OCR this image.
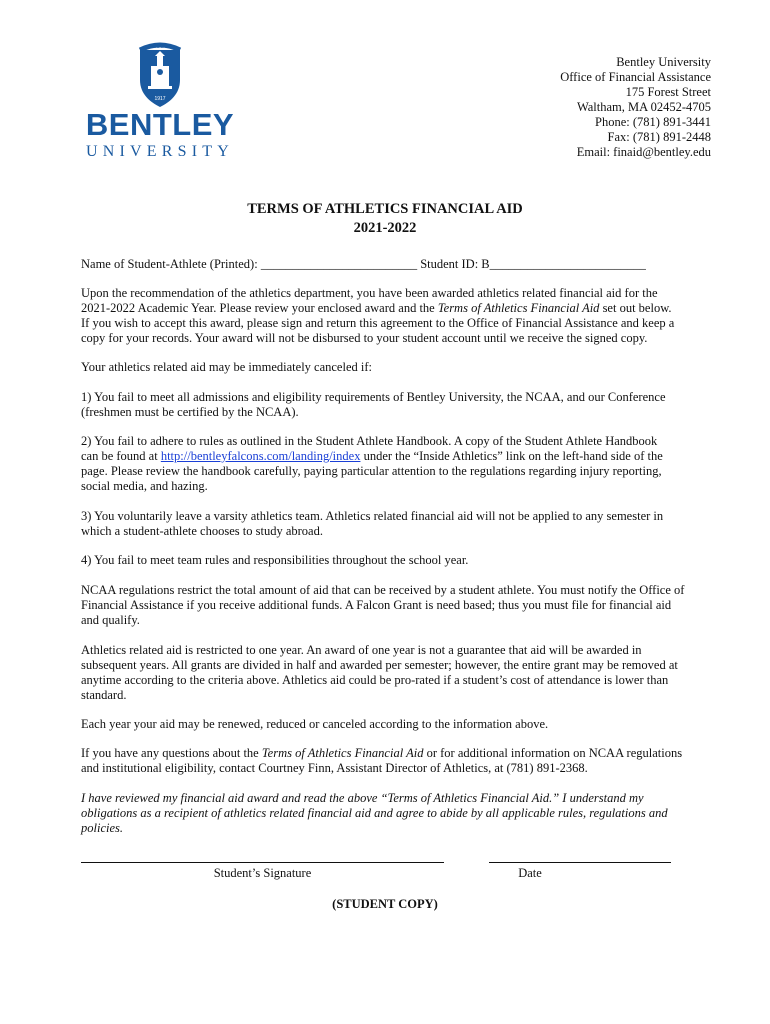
PARATUS
1917
BENTLEY
UNIVERSITY
Bentley University
Office of Financial Assistance
175 Forest Street
Waltham, MA 02452-4705
Phone: (781) 891-3441
Fax: (781) 891-2448
Email: finaid@bentley.edu
TERMS OF ATHLETICS FINANCIAL AID
2021-2022
Name of Student-Athlete (Printed): _________________________ Student ID: B_________________________
Upon the recommendation of the athletics department, you have been awarded athletics related financial aid for the
2021-2022 Academic Year. Please review your enclosed award and the Terms of Athletics Financial Aid set out below.
If you wish to accept this award, please sign and return this agreement to the Office of Financial Assistance and keep a copy for your records. Your award will not be disbursed to your student account until we receive the signed copy.
Your athletics related aid may be immediately canceled if:
1) You fail to meet all admissions and eligibility requirements of Bentley University, the NCAA, and our Conference (freshmen must be certified by the NCAA).
2) You fail to adhere to rules as outlined in the Student Athlete Handbook. A copy of the Student Athlete Handbook
can be found at http://bentleyfalcons.com/landing/index under the “Inside Athletics” link on the left-hand side of the
page. Please review the handbook carefully, paying particular attention to the regulations regarding injury reporting, social media, and hazing.
3) You voluntarily leave a varsity athletics team. Athletics related financial aid will not be applied to any semester in which a student-athlete chooses to study abroad.
4) You fail to meet team rules and responsibilities throughout the school year.
NCAA regulations restrict the total amount of aid that can be received by a student athlete. You must notify the Office of Financial Assistance if you receive additional funds. A Falcon Grant is need based; thus you must file for financial aid and qualify.
Athletics related aid is restricted to one year. An award of one year is not a guarantee that aid will be awarded in subsequent years. All grants are divided in half and awarded per semester; however, the entire grant may be removed at anytime according to the criteria above. Athletics aid could be pro-rated if a student’s cost of attendance is lower than standard.
Each year your aid may be renewed, reduced or canceled according to the information above.
If you have any questions about the Terms of Athletics Financial Aid or for additional information on NCAA regulations and institutional eligibility, contact Courtney Finn, Assistant Director of Athletics, at (781) 891-2368.
I have reviewed my financial aid award and read the above “Terms of Athletics Financial Aid.” I understand my obligations as a recipient of athletics related financial aid and agree to abide by all applicable rules, regulations and policies.
Student’s Signature	Date
(STUDENT COPY)
